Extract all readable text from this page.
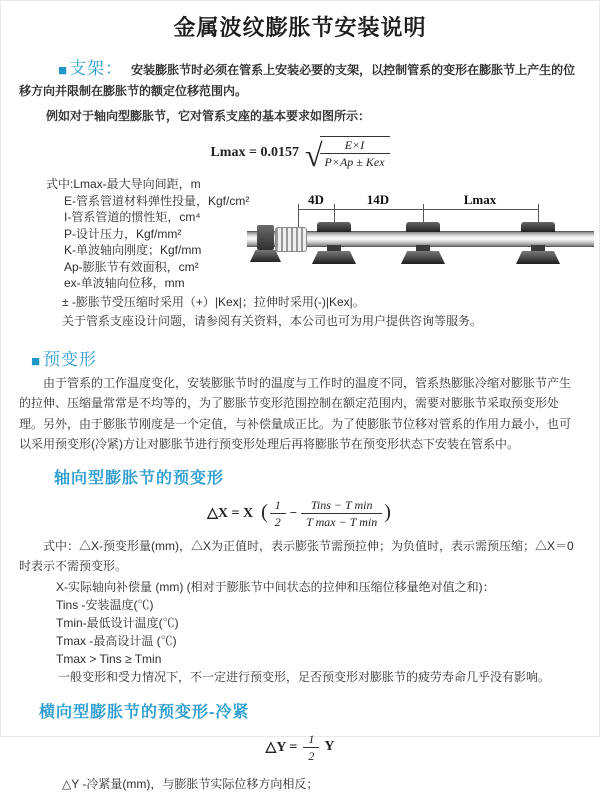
金属波纹膨胀节安装说明

■ 支架： 安装膨胀节时必须在管系上安装必要的支架，以控制管系的变形在膨胀节上产生的位移方向并限制在膨胀节的额定位移范围内。

例如对于轴向型膨胀节，它对管系支座的基本要求如图所示：

Lmax = 0.0157 √
$\frac{E\times I}{\text{P×Ap ± Kex}}$
式中:Lmax-最大导向间距，m
E-管系管道材料弹性投量，Kgf/cm²
I-管系管道的惯性矩，cm⁴
P-设计压力，Kgf/mm²
K-单波轴向刚度；Kgf/mm
Ap-膨胀节有效面积，cm²
ex-单波轴向位移，mm
± -膨胀节受压缩时采用（+）|Kex|；拉伸时采用(-)|Kex|。
关于管系支座设计问题，请参阅有关资料，本公司也可为用户提供咨询等服务。
4D	14D	Lmax
■ 预变形

由于管系的工作温度变化，安装膨胀节时的温度与工作时的温度不同，管系热膨胀冷缩对膨胀节产生的拉伸、压缩量常常是不均等的，为了膨胀节变形范围控制在额定范围内，需要对膨胀节采取预变形处理。另外，由于膨胀节刚度是一个定值，与补偿量成正比。为了使膨胀节位移对管系的作用力最小，也可以采用预变形(冷紧)方让对膨胀节进行预变形处理后再将膨胀节在预变形状态下安装在管系中。

轴向型膨胀节的预变形
△X = X ( $\frac{1}{2} - \frac{\text{Tins − T min}}{\text{T max − T min}}$ )

式中：△X-预变形量(mm)，△X为正值时，表示膨张节需预拉伸；为负值时，表示需预压缩；△X＝0时表示不需预变形。

X-实际轴向补偿量 (mm) (相对于膨胀节中间状态的拉伸和压缩位移量绝对值之和)：
Tins -安装温度(℃)
Tmin-最低设计温度(℃)
Tmax -最高设计温 (℃)
Tmax > Tins ≥ Tmin
一般变形和受力情况下，不一定进行预变形，足否预变形对膨胀节的疲劳寿命几乎没有影响。
横向型膨胀节的预变形-冷紧
△Y = $\frac{1}{2}$ Y

△Y -冷紧量(mm)，与膨胀节实际位移方向相反；
